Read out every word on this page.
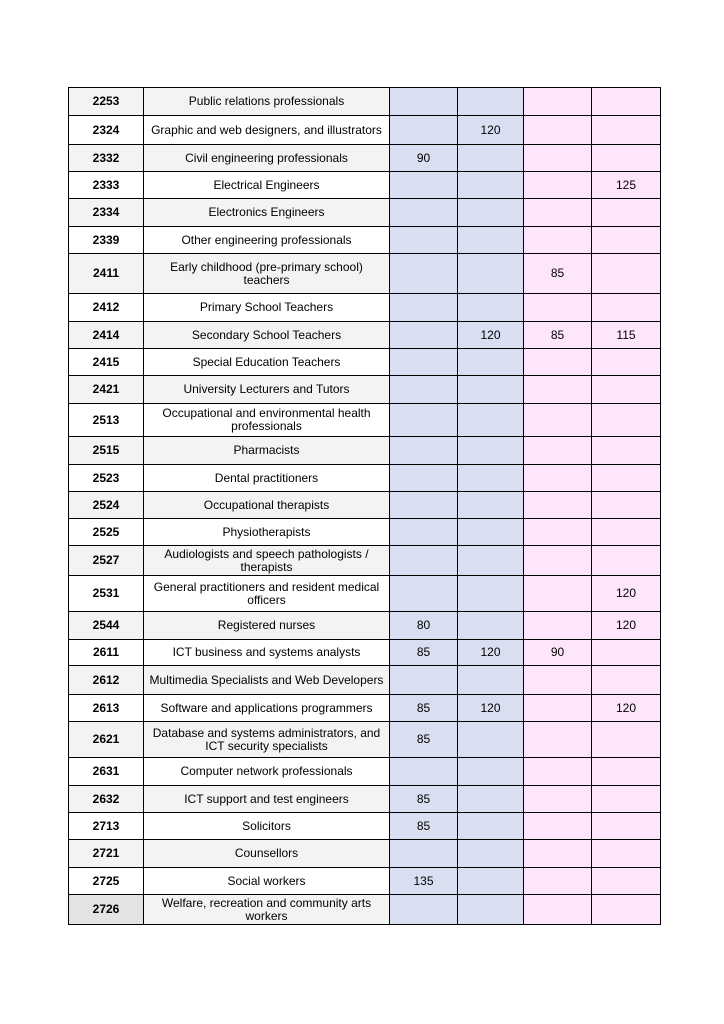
2253	Public relations professionals				
2324	Graphic and web designers, and illustrators		120		
2332	Civil engineering professionals	90			
2333	Electrical Engineers				125
2334	Electronics Engineers				
2339	Other engineering professionals				
2411	Early childhood (pre-primary school) teachers			85	
2412	Primary School Teachers				
2414	Secondary School Teachers		120	85	115
2415	Special Education Teachers				
2421	University Lecturers and Tutors				
2513	Occupational and environmental health professionals				
2515	Pharmacists				
2523	Dental practitioners				
2524	Occupational therapists				
2525	Physiotherapists				
2527	Audiologists and speech pathologists / therapists				
2531	General practitioners and resident medical officers				120
2544	Registered nurses	80			120
2611	ICT business and systems analysts	85	120	90	
2612	Multimedia Specialists and Web Developers				
2613	Software and applications programmers	85	120		120
2621	Database and systems administrators, and ICT security specialists	85			
2631	Computer network professionals				
2632	ICT support and test engineers	85			
2713	Solicitors	85			
2721	Counsellors				
2725	Social workers	135			
2726	Welfare, recreation and community arts workers				
